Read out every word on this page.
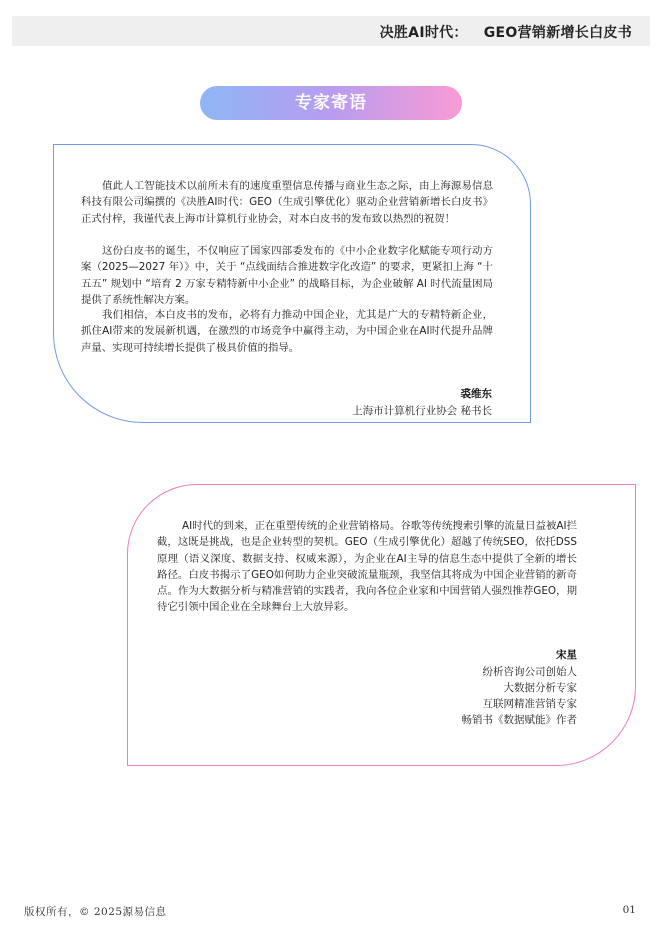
决胜AI时代： GEO营销新增长白皮书
专家寄语

值此人工智能技术以前所未有的速度重塑信息传播与商业生态之际，由上海源易信息科技有限公司编撰的《决胜AI时代：GEO（生成引擎优化）驱动企业营销新增长白皮书》正式付梓，我谨代表上海市计算机行业协会，对本白皮书的发布致以热烈的祝贺！

这份白皮书的诞生，不仅响应了国家四部委发布的《中小企业数字化赋能专项行动方案（2025—2027 年）》中，关于 “点线面结合推进数字化改造” 的要求，更紧扣上海 “十五五” 规划中 “培育 2 万家专精特新中小企业” 的战略目标，为企业破解 AI 时代流量困局提供了系统性解决方案。

我们相信，本白皮书的发布，必将有力推动中国企业，尤其是广大的专精特新企业，抓住AI带来的发展新机遇，在激烈的市场竞争中赢得主动，为中国企业在AI时代提升品牌声量、实现可持续增长提供了极具价值的指导。

裘维东
上海市计算机行业协会 秘书长

AI时代的到来，正在重塑传统的企业营销格局。谷歌等传统搜索引擎的流量日益被AI拦截，这既是挑战，也是企业转型的契机。GEO（生成引擎优化）超越了传统SEO，依托DSS原理（语义深度、数据支持、权威来源），为企业在AI主导的信息生态中提供了全新的增长路径。白皮书揭示了GEO如何助力企业突破流量瓶颈，我坚信其将成为中国企业营销的新奇点。作为大数据分析与精准营销的实践者，我向各位企业家和中国营销人强烈推荐GEO，期待它引领中国企业在全球舞台上大放异彩。

宋星
纷析咨询公司创始人
大数据分析专家
互联网精准营销专家
畅销书《数据赋能》作者
版权所有，© 2025源易信息	01
